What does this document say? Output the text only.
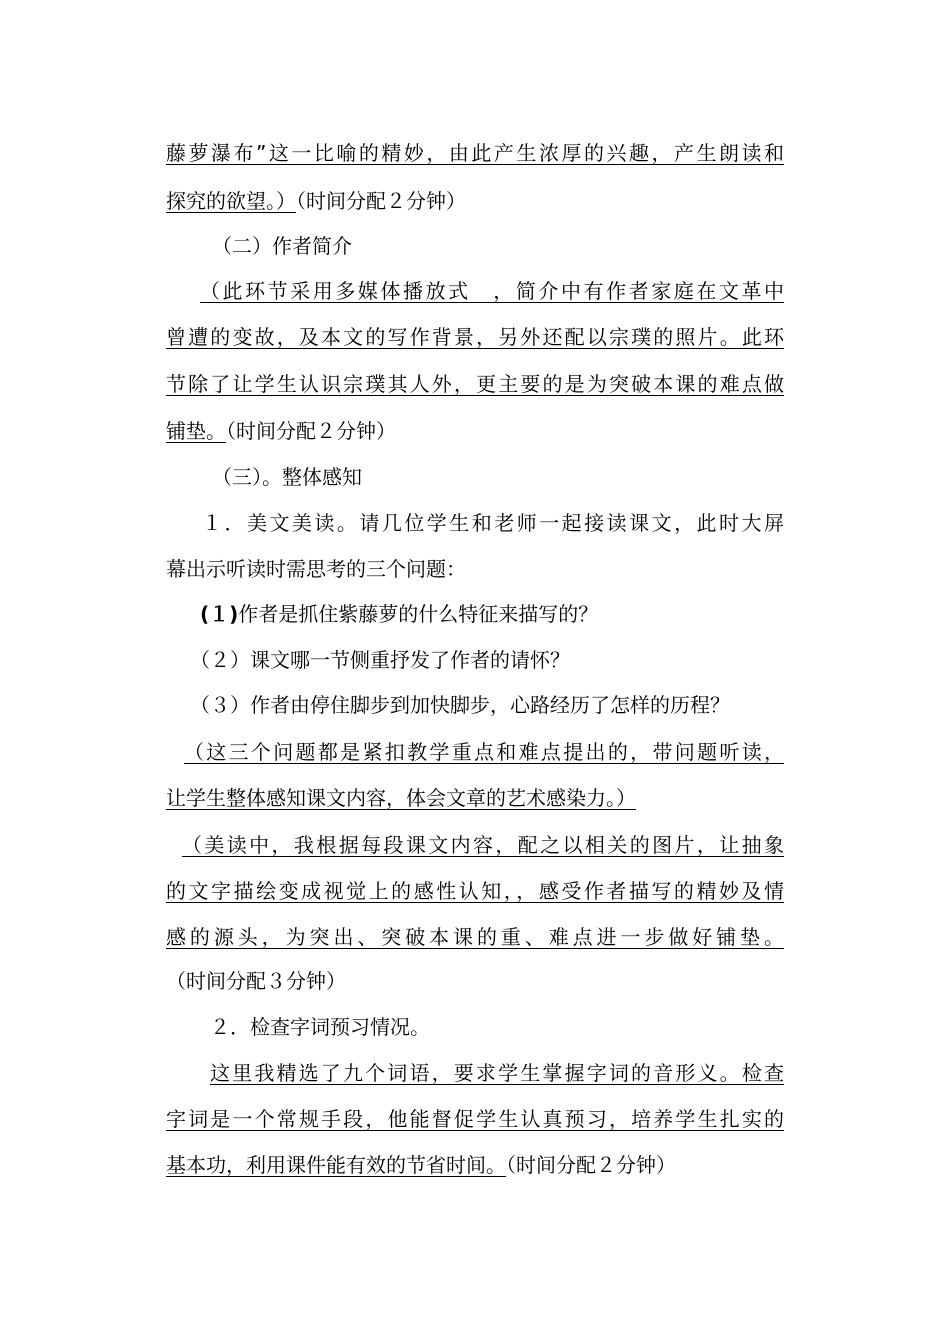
藤萝瀑布”这一比喻的精妙，由此产生浓厚的兴趣，产生朗读和
探究的欲望。）（时间分配２分钟）
（二）作者简介
（此环节采用多媒体播放式　，简介中有作者家庭在文革中
曾遭的变故，及本文的写作背景，另外还配以宗璞的照片。此环
节除了让学生认识宗璞其人外，更主要的是为突破本课的难点做
铺垫。（时间分配２分钟）
（三）。整体感知
１．美文美读。请几位学生和老师一起接读课文，此时大屏
幕出示听读时需思考的三个问题：
(１)作者是抓住紫藤萝的什么特征来描写的？
（２）课文哪一节侧重抒发了作者的请怀？
（３）作者由停住脚步到加快脚步，心路经历了怎样的历程？
（这三个问题都是紧扣教学重点和难点提出的，带问题听读，
让学生整体感知课文内容，体会文章的艺术感染力。）
（美读中，我根据每段课文内容，配之以相关的图片，让抽象
的文字描绘变成视觉上的感性认知，，感受作者描写的精妙及情
感的源头，为突出、突破本课的重、难点进一步做好铺垫。
（时间分配３分钟）
２．检查字词预习情况。
这里我精选了九个词语，要求学生掌握字词的音形义。检查
字词是一个常规手段，他能督促学生认真预习，培养学生扎实的
基本功，利用课件能有效的节省时间。（时间分配２分钟）
